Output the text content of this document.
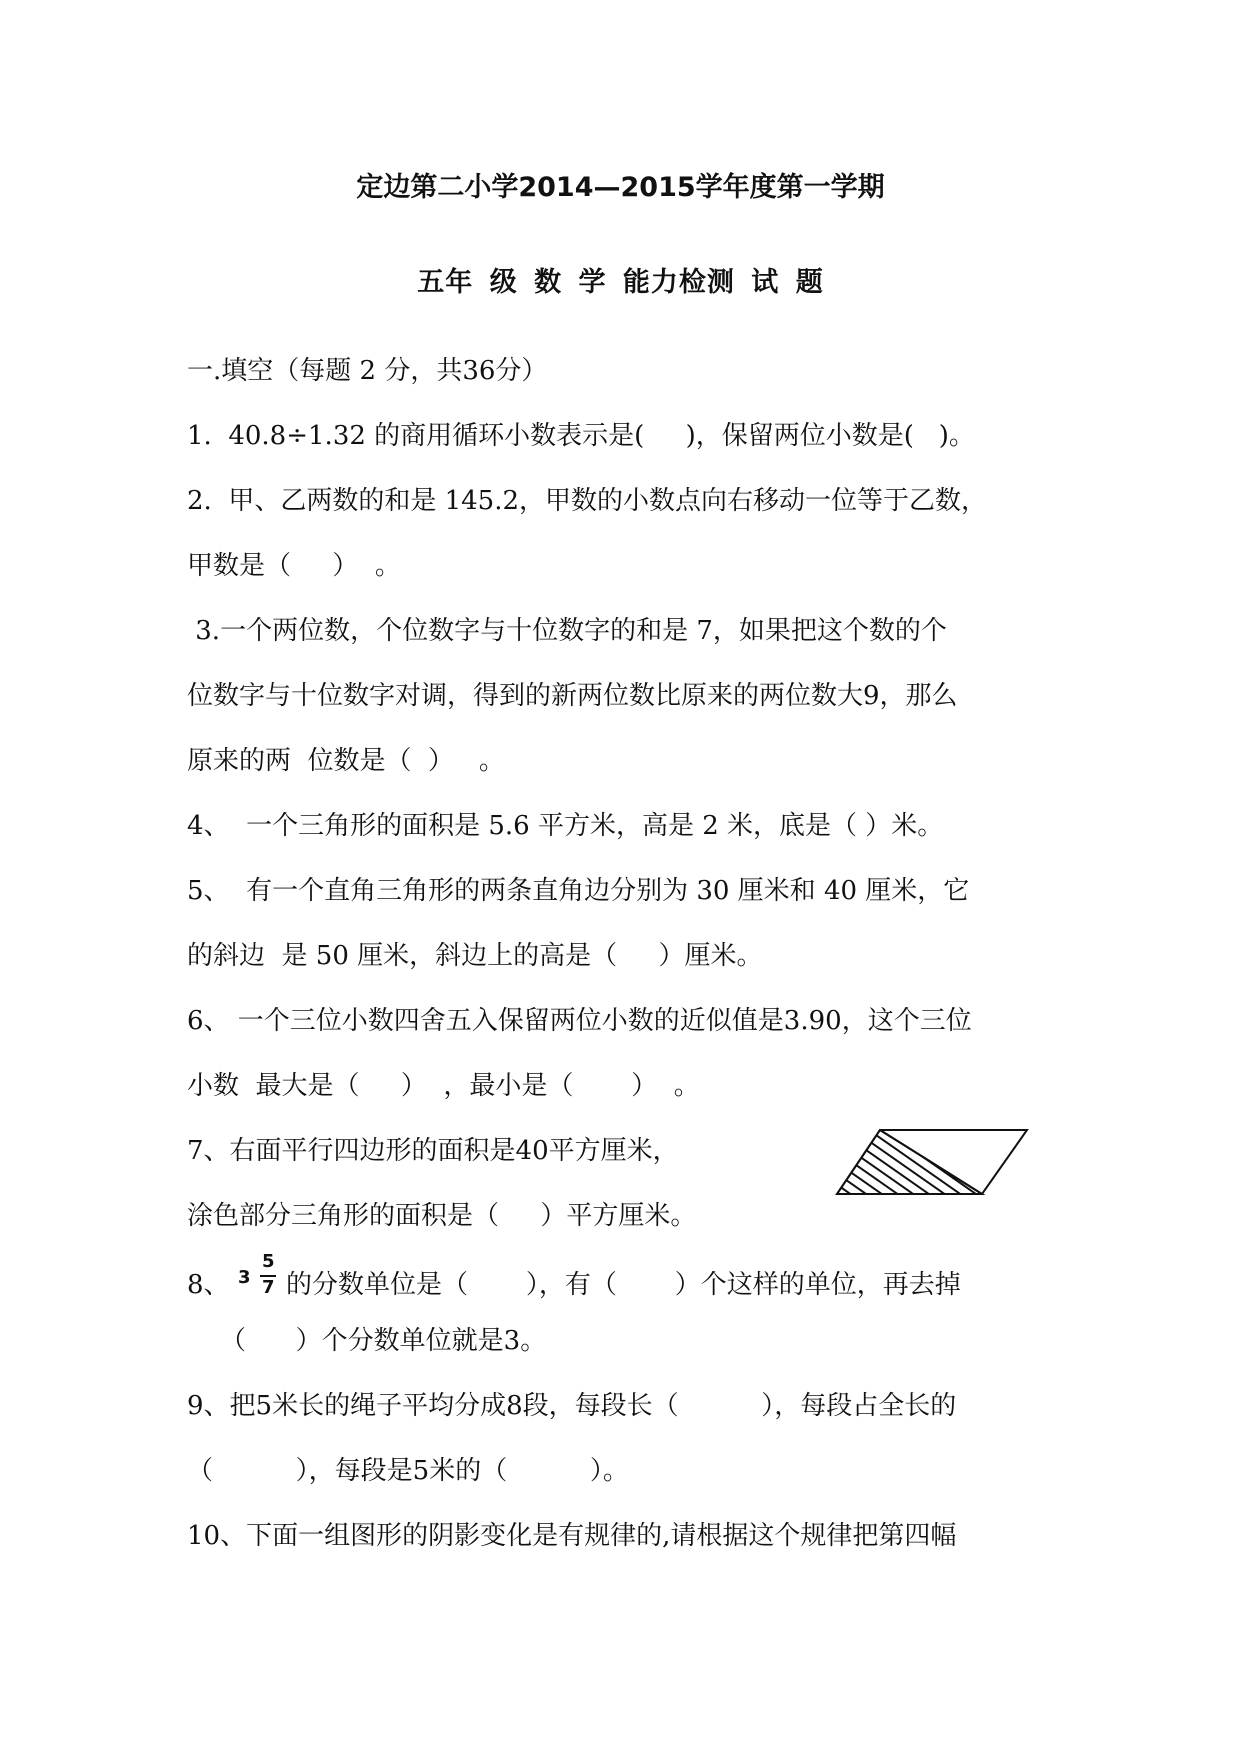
定边第二小学2014—2015学年度第一学期
五年 级 数 学 能力检测 试 题
一.填空（每题 2 分，共36分）
1.  40.8÷1.32 的商用循环小数表示是(     )，保留两位小数是(   )。
2.  甲、乙两数的和是 145.2，甲数的小数点向右移动一位等于乙数，
甲数是（     ）  。
3.一个两位数，个位数字与十位数字的和是 7，如果把这个数的个
位数字与十位数字对调，得到的新两位数比原来的两位数大9，那么
原来的两  位数是（  ）   。
4、  一个三角形的面积是 5.6 平方米，高是 2 米，底是（ ）米。
5、  有一个直角三角形的两条直角边分别为 30 厘米和 40 厘米，它
的斜边  是 50 厘米，斜边上的高是（     ）厘米。
6、 一个三位小数四舍五入保留两位小数的近似值是3.90，这个三位
小数  最大是（     ）  ，最小是（       ）  。
7、右面平行四边形的面积是40平方厘米，
涂色部分三角形的面积是（     ）平方厘米。
8、 3
5
7 的分数单位是（       ），有（       ）个这样的单位，再去掉
（      ）个分数单位就是3。
9、把5米长的绳子平均分成8段，每段长（          ），每段占全长的
（          ），每段是5米的（          ）。
10、下面一组图形的阴影变化是有规律的,请根据这个规律把第四幅
